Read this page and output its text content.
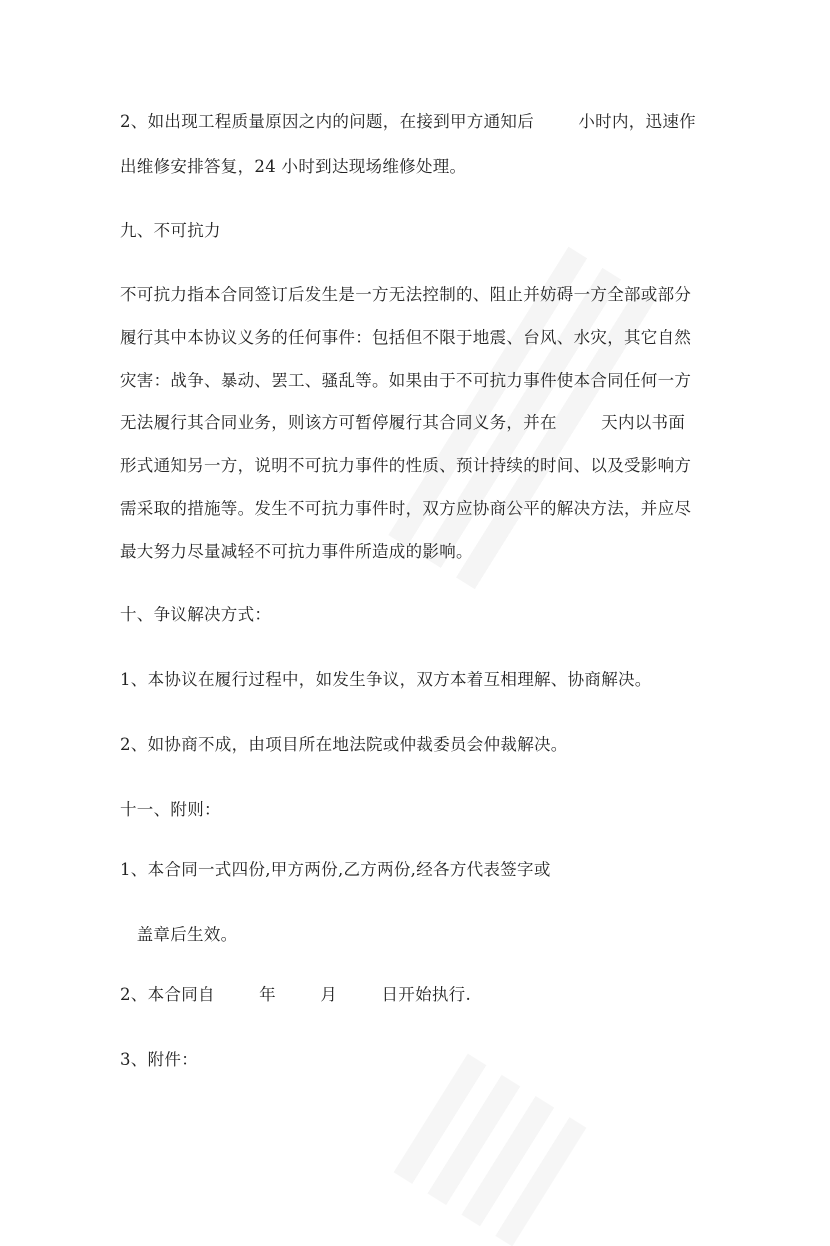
2、如出现工程质量原因之内的问题，在接到甲方通知后        小时内，迅速作
出维修安排答复，24 小时到达现场维修处理。
九、不可抗力
不可抗力指本合同签订后发生是一方无法控制的、阻止并妨碍一方全部或部分
履行其中本协议义务的任何事件：包括但不限于地震、台风、水灾，其它自然
灾害：战争、暴动、罢工、骚乱等。如果由于不可抗力事件使本合同任何一方
无法履行其合同业务，则该方可暂停履行其合同义务，并在        天内以书面
形式通知另一方，说明不可抗力事件的性质、预计持续的时间、以及受影响方
需采取的措施等。发生不可抗力事件时，双方应协商公平的解决方法，并应尽
最大努力尽量减轻不可抗力事件所造成的影响。
十、争议解决方式：
1、本协议在履行过程中，如发生争议，双方本着互相理解、协商解决。
2、如协商不成，由项目所在地法院或仲裁委员会仲裁解决。
十一、附则：
1、本合同一式四份,甲方两份,乙方两份,经各方代表签字或
盖章后生效。
2、本合同自        年        月        日开始执行.
3、附件：
